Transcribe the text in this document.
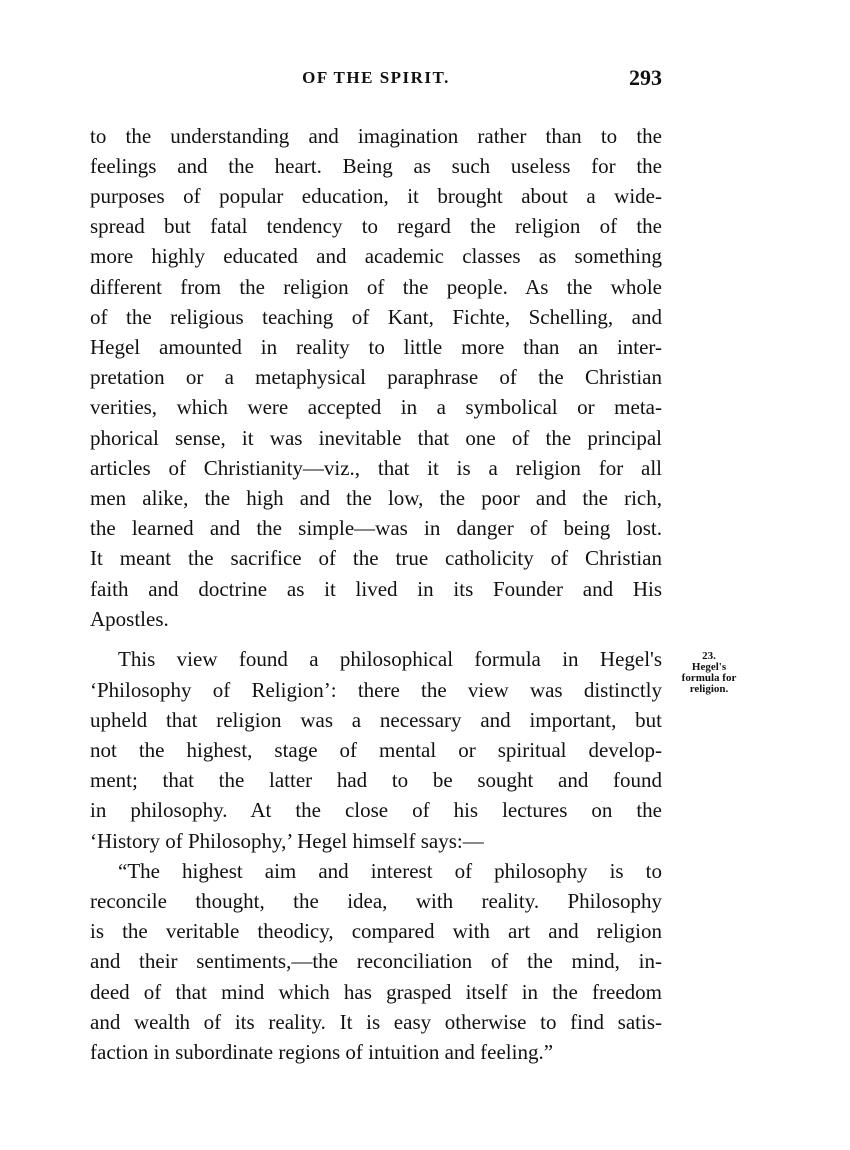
OF THE SPIRIT.	293
to the understanding and imagination rather than to the
feelings and the heart. Being as such useless for the
purposes of popular education, it brought about a wide-
spread but fatal tendency to regard the religion of the
more highly educated and academic classes as something
different from the religion of the people. As the whole
of the religious teaching of Kant, Fichte, Schelling, and
Hegel amounted in reality to little more than an inter-
pretation or a metaphysical paraphrase of the Christian
verities, which were accepted in a symbolical or meta-
phorical sense, it was inevitable that one of the principal
articles of Christianity—viz., that it is a religion for all
men alike, the high and the low, the poor and the rich,
the learned and the simple—was in danger of being lost.
It meant the sacrifice of the true catholicity of Christian
faith and doctrine as it lived in its Founder and His
Apostles.
This view found a philosophical formula in Hegel's
‘Philosophy of Religion’: there the view was distinctly
upheld that religion was a necessary and important, but
not the highest, stage of mental or spiritual develop-
ment; that the latter had to be sought and found
in philosophy. At the close of his lectures on the
‘History of Philosophy,’ Hegel himself says:—
“The highest aim and interest of philosophy is to
reconcile thought, the idea, with reality. Philosophy
is the veritable theodicy, compared with art and religion
and their sentiments,—the reconciliation of the mind, in-
deed of that mind which has grasped itself in the freedom
and wealth of its reality. It is easy otherwise to find satis-
faction in subordinate regions of intuition and feeling.”
23.
Hegel's
formula for
religion.
